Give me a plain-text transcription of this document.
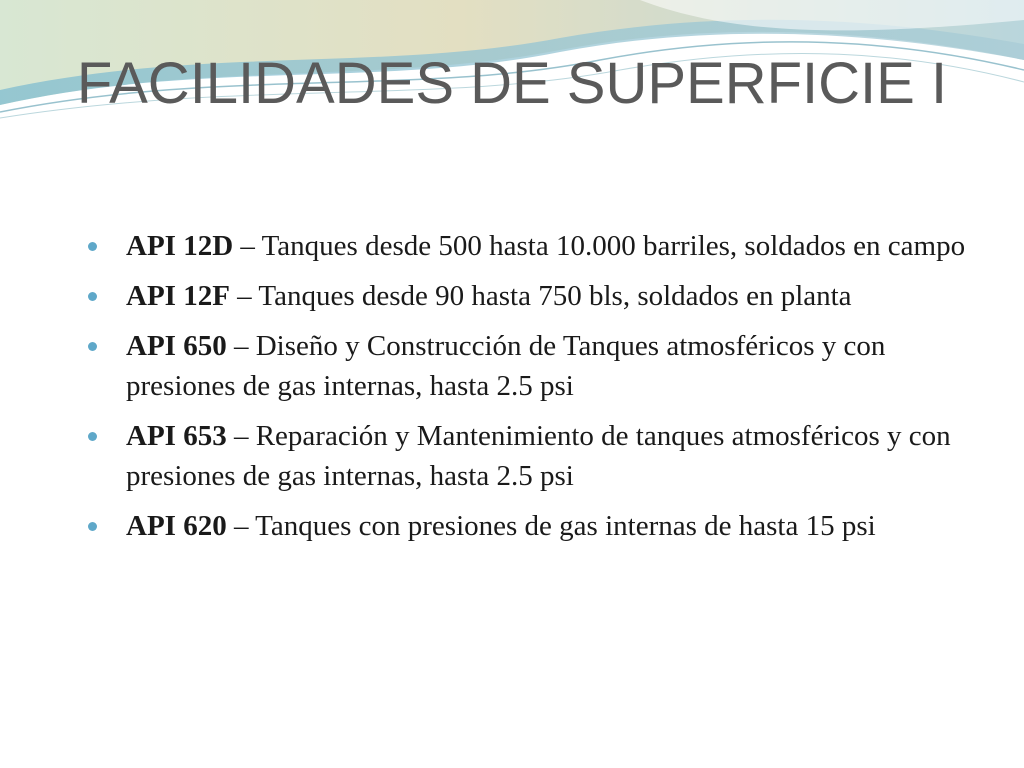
FACILIDADES DE SUPERFICIE I
API 12D – Tanques desde 500 hasta 10.000 barriles, soldados en campo
API 12F – Tanques desde 90 hasta 750 bls, soldados en planta
API 650 – Diseño y Construcción de Tanques atmosféricos y con presiones de gas internas, hasta 2.5 psi
API 653 – Reparación y Mantenimiento de tanques atmosféricos y con presiones de gas internas, hasta 2.5 psi
API 620 – Tanques con presiones de gas internas de hasta 15 psi
